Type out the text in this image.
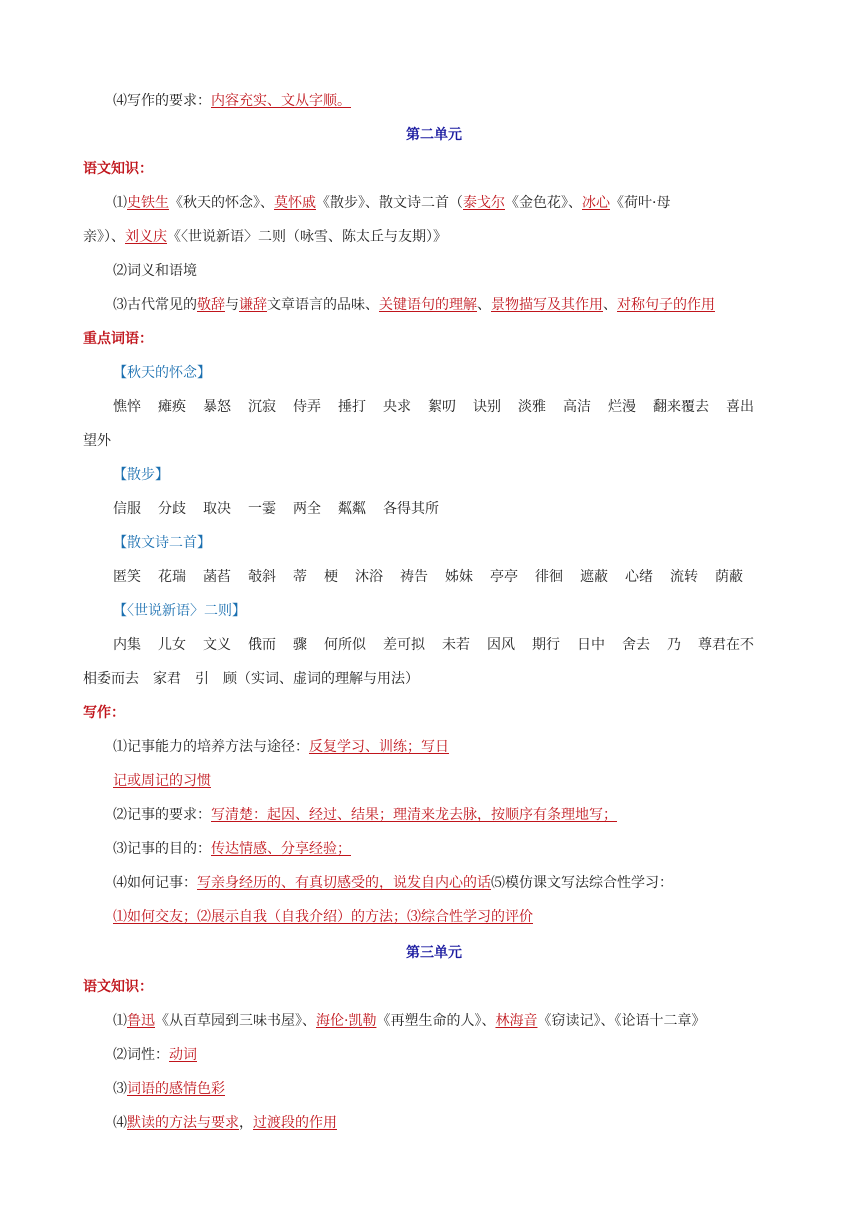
⑷写作的要求：内容充实、文从字顺。
第二单元
语文知识：
⑴史铁生《秋天的怀念》、莫怀戚《散步》、散文诗二首（泰戈尔《金色花》、冰心《荷叶·母
亲》）、刘义庆《〈世说新语〉二则（咏雪、陈太丘与友期）》
⑵词义和语境
⑶古代常见的敬辞与谦辞文章语言的品味、关键语句的理解、景物描写及其作用、对称句子的作用
重点词语：
【秋天的怀念】
憔悴 瘫痪 暴怒 沉寂 侍弄 捶打 央求 絮叨 诀别 淡雅 高洁 烂漫 翻来覆去 喜出
望外
【散步】
信服 分歧 取决 一霎 两全 粼粼 各得其所
【散文诗二首】
匿笑 花瑞 菡萏 攲斜 蒂 梗 沐浴 祷告 姊妹 亭亭 徘徊 遮蔽 心绪 流转 荫蔽
【〈世说新语〉二则】
内集 儿女 文义 俄而 骤 何所似 差可拟 未若 因风 期行 日中 舍去 乃 尊君在不
相委而去　家君　引　顾（实词、虚词的理解与用法）
写作：
⑴记事能力的培养方法与途径：反复学习、训练；写日
记或周记的习惯
⑵记事的要求：写清楚：起因、经过、结果；理清来龙去脉，按顺序有条理地写；
⑶记事的目的：传达情感、分享经验；
⑷如何记事：写亲身经历的、有真切感受的，说发自内心的话⑸模仿课文写法综合性学习：
⑴如何交友；⑵展示自我（自我介绍）的方法；⑶综合性学习的评价
第三单元
语文知识：
⑴鲁迅《从百草园到三味书屋》、海伦·凯勒《再塑生命的人》、林海音《窃读记》、《论语十二章》
⑵词性：动词
⑶词语的感情色彩
⑷默读的方法与要求，过渡段的作用
